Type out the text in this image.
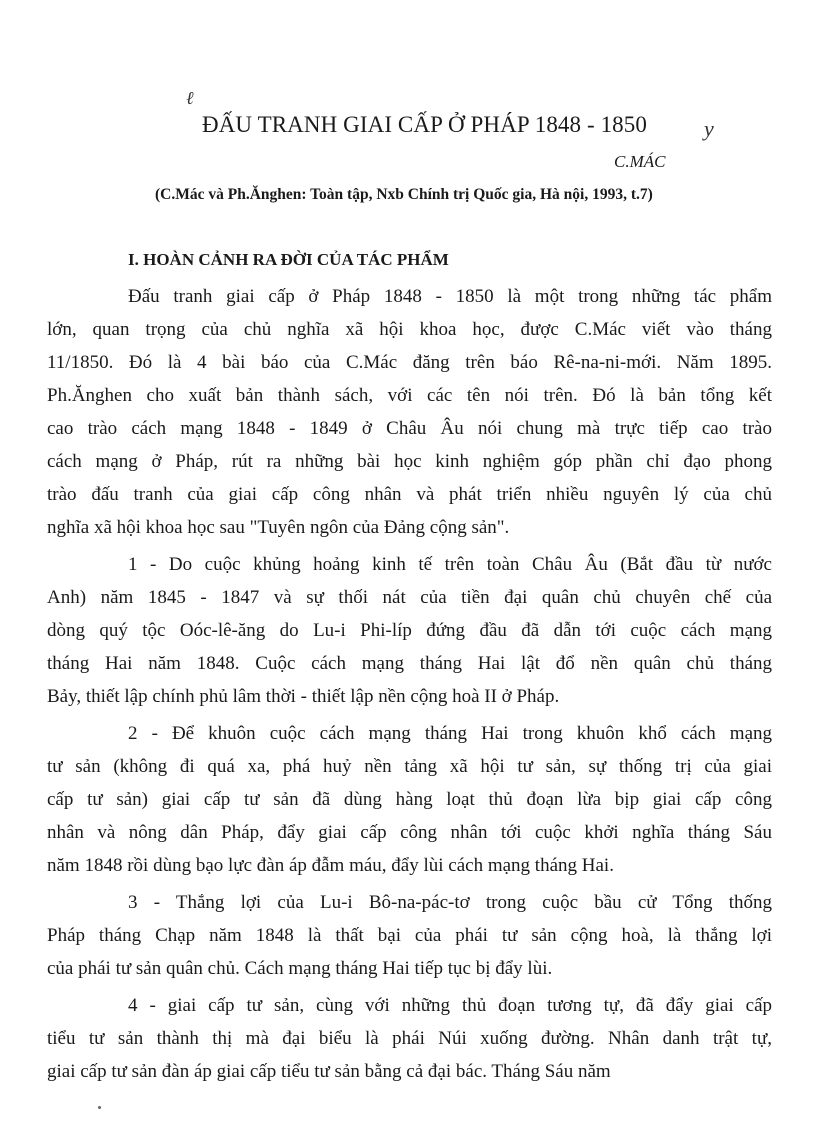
ℓ
ĐẤU TRANH GIAI CẤP Ở PHÁP 1848 - 1850	y
C.MÁC
(C.Mác và Ph.Ănghen: Toàn tập, Nxb Chính trị Quốc gia, Hà nội, 1993, t.7)
I. HOÀN CẢNH RA ĐỜI CỦA TÁC PHẨM
Đấu tranh giai cấp ở Pháp 1848 - 1850 là một trong những tác phẩm
lớn, quan trọng của chủ nghĩa xã hội khoa học, được C.Mác viết vào tháng
11/1850. Đó là 4 bài báo của C.Mác đăng trên báo Rê-na-ni-mới. Năm 1895.
Ph.Ănghen cho xuất bản thành sách, với các tên nói trên. Đó là bản tổng kết
cao trào cách mạng 1848 - 1849 ở Châu Âu nói chung mà trực tiếp cao trào
cách mạng ở Pháp, rút ra những bài học kinh nghiệm góp phần chỉ đạo phong
trào đấu tranh của giai cấp công nhân và phát triển nhiều nguyên lý của chủ
nghĩa xã hội khoa học sau "Tuyên ngôn của Đảng cộng sản".
1 - Do cuộc khủng hoảng kinh tế trên toàn Châu Âu (Bắt đầu từ nước
Anh) năm 1845 - 1847 và sự thối nát của tiền đại quân chủ chuyên chế của
dòng quý tộc Oóc-lê-ăng do Lu-i Phi-líp đứng đầu đã dẫn tới cuộc cách mạng
tháng Hai năm 1848. Cuộc cách mạng tháng Hai lật đổ nền quân chủ tháng
Bảy, thiết lập chính phủ lâm thời - thiết lập nền cộng hoà II ở Pháp.
2 - Để khuôn cuộc cách mạng tháng Hai trong khuôn khổ cách mạng
tư sản (không đi quá xa, phá huỷ nền tảng xã hội tư sản, sự thống trị của giai
cấp tư sản) giai cấp tư sản đã dùng hàng loạt thủ đoạn lừa bịp giai cấp công
nhân và nông dân Pháp, đẩy giai cấp công nhân tới cuộc khởi nghĩa tháng Sáu
năm 1848 rồi dùng bạo lực đàn áp đẫm máu, đẩy lùi cách mạng tháng Hai.
3 - Thắng lợi của Lu-i Bô-na-pác-tơ trong cuộc bầu cử Tổng thống
Pháp tháng Chạp năm 1848 là thất bại của phái tư sản cộng hoà, là thắng lợi
của phái tư sản quân chủ. Cách mạng tháng Hai tiếp tục bị đẩy lùi.
4 - giai cấp tư sản, cùng với những thủ đoạn tương tự, đã đẩy giai cấp
tiểu tư sản thành thị mà đại biểu là phái Núi xuống đường. Nhân danh trật tự,
giai cấp tư sản đàn áp giai cấp tiểu tư sản bằng cả đại bác. Tháng Sáu năm
